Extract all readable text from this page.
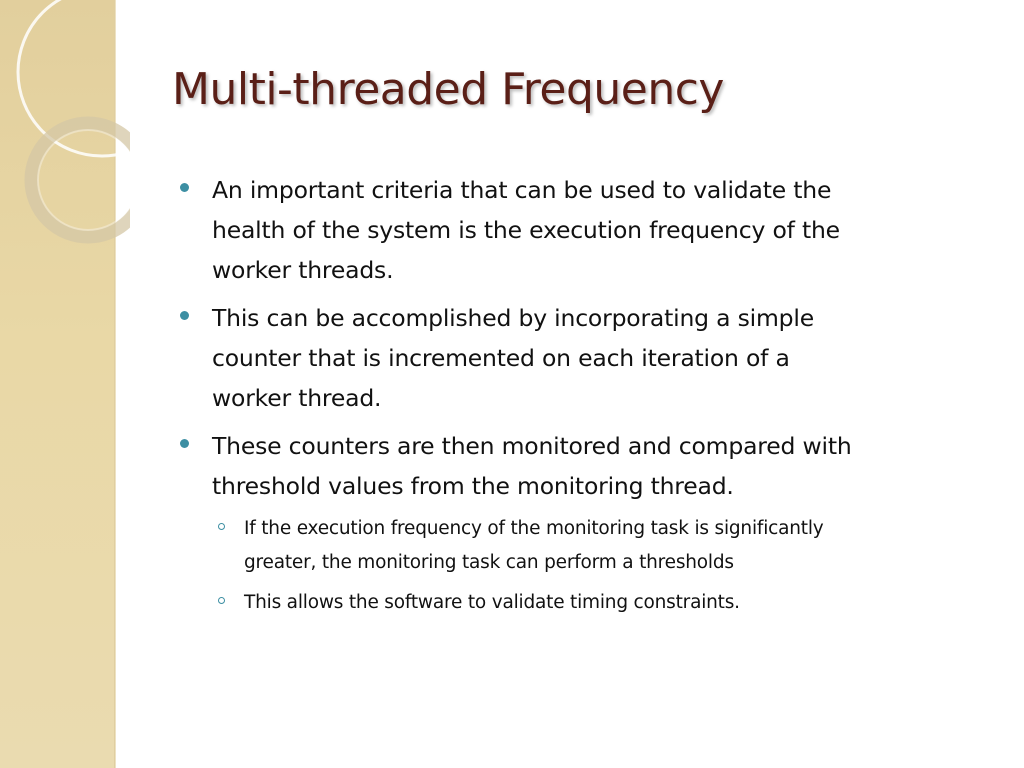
Multi-threaded Frequency
An important criteria that can be used to validate the
health of the system is the execution frequency of the
worker threads.
This can be accomplished by incorporating a simple
counter that is incremented on each iteration of a
worker thread.
These counters are then monitored and compared with
threshold values from the monitoring thread.
If the execution frequency of the monitoring task is significantly
greater, the monitoring task can perform a thresholds
This allows the software to validate timing constraints.
